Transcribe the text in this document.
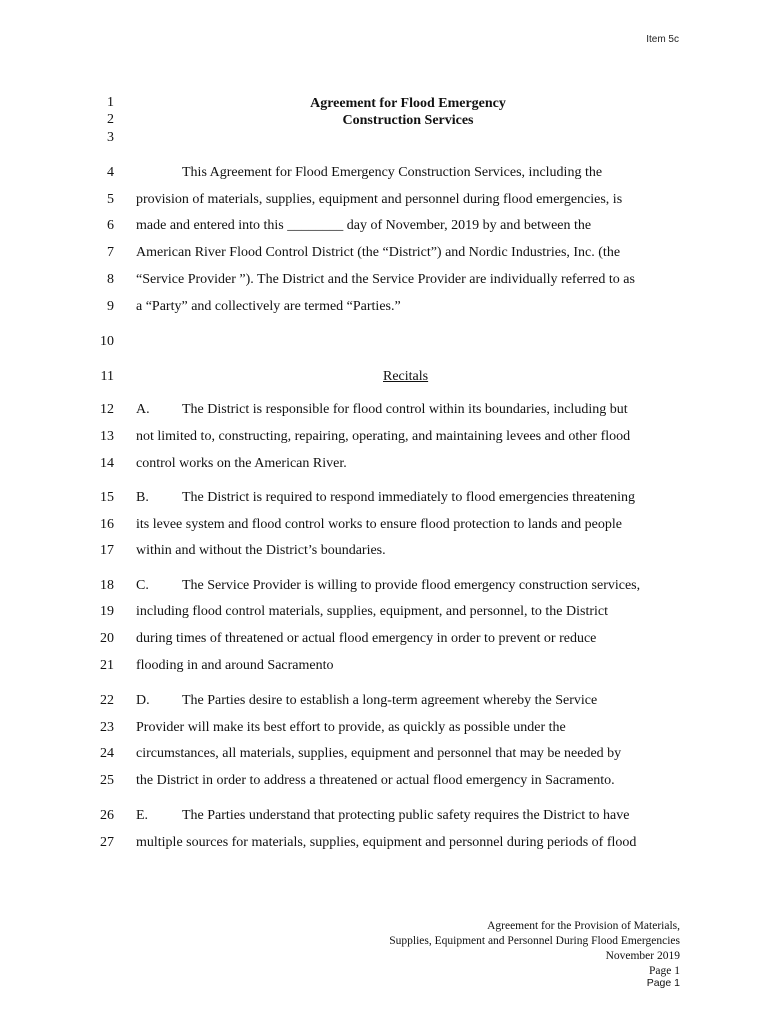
Item 5c
Agreement for Flood Emergency
Construction Services
1
2
3
4
5
6
7
8
9
10
11
12
13
14
15
16
17
18
19
20
21
22
23
24
25
26
27
This Agreement for Flood Emergency Construction Services, including the
provision of materials, supplies, equipment and personnel during flood emergencies, is
made and entered into this ________ day of November, 2019 by and between the
American River Flood Control District (the “District”) and Nordic Industries, Inc. (the
“Service Provider ”). The District and the Service Provider are individually referred to as
a “Party” and collectively are termed “Parties.”
Recitals
A. The District is responsible for flood control within its boundaries, including but
not limited to, constructing, repairing, operating, and maintaining levees and other flood
control works on the American River.
B. The District is required to respond immediately to flood emergencies threatening
its levee system and flood control works to ensure flood protection to lands and people
within and without the District’s boundaries.
C. The Service Provider is willing to provide flood emergency construction services,
including flood control materials, supplies, equipment, and personnel, to the District
during times of threatened or actual flood emergency in order to prevent or reduce
flooding in and around Sacramento
D. The Parties desire to establish a long-term agreement whereby the Service
Provider will make its best effort to provide, as quickly as possible under the
circumstances, all materials, supplies, equipment and personnel that may be needed by
the District in order to address a threatened or actual flood emergency in Sacramento.
E. The Parties understand that protecting public safety requires the District to have
multiple sources for materials, supplies, equipment and personnel during periods of flood
Agreement for the Provision of Materials,
Supplies, Equipment and Personnel During Flood Emergencies
November 2019
Page 1
Page 1
